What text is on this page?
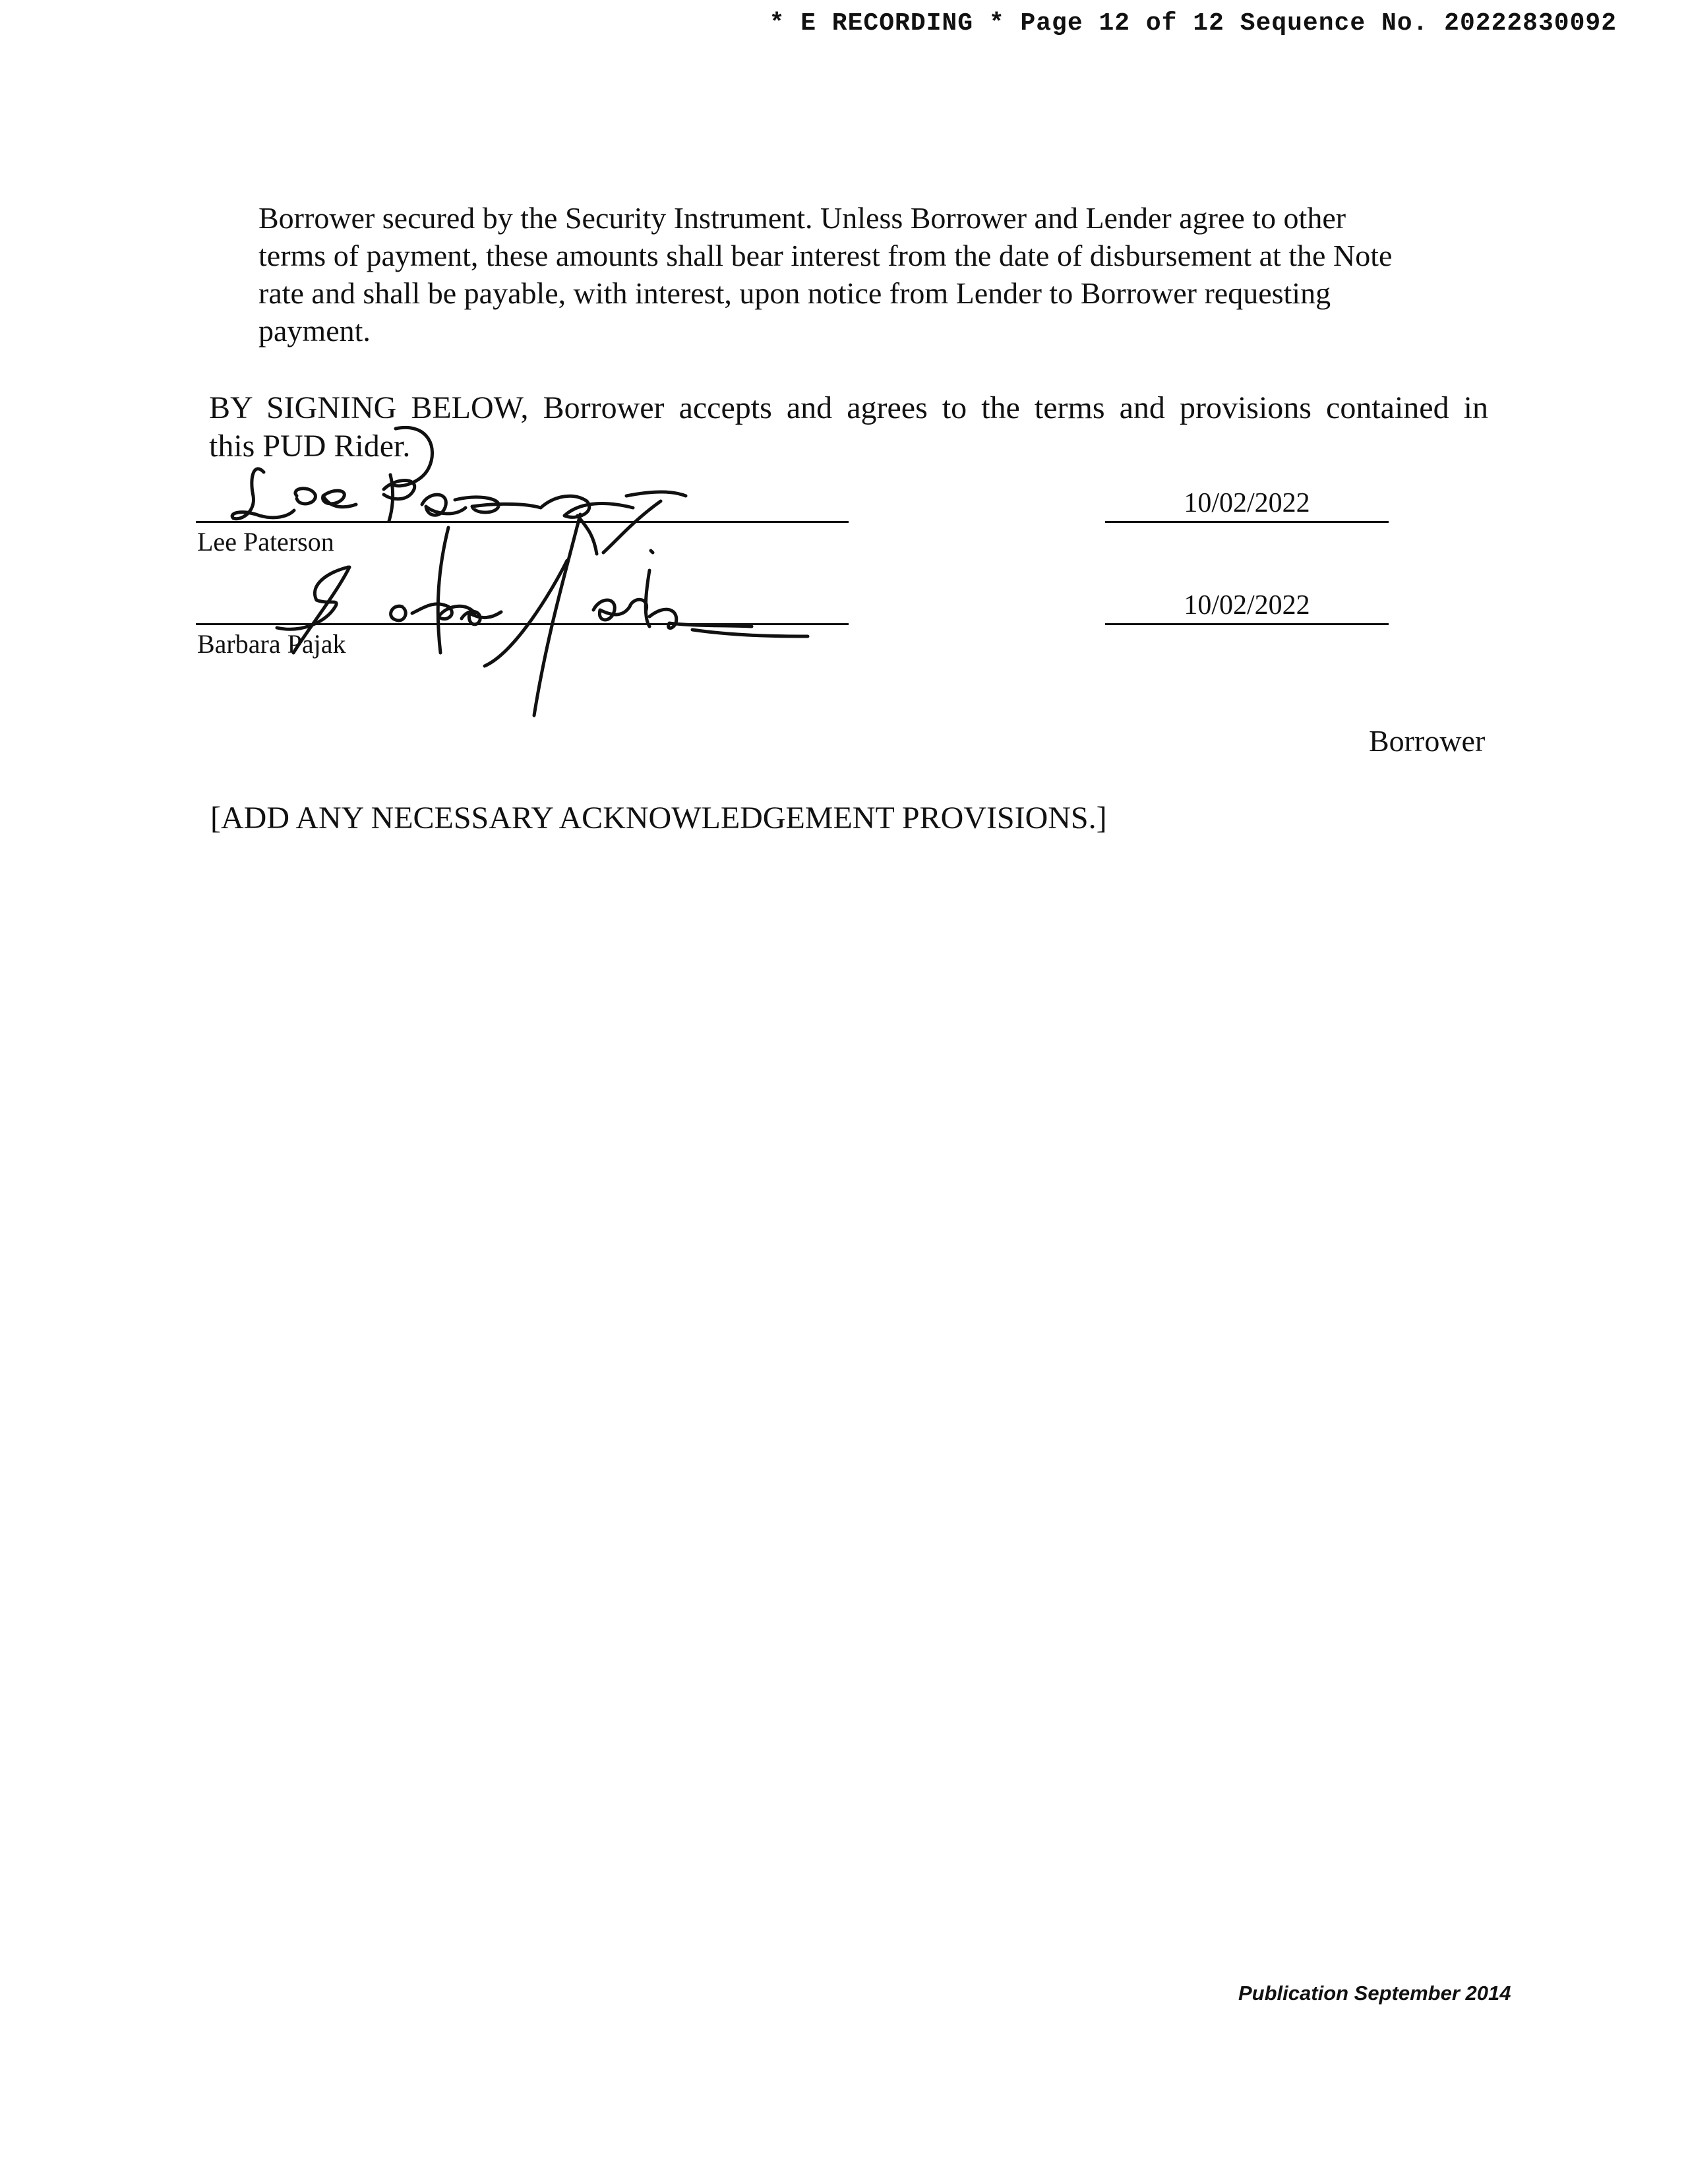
* E RECORDING * Page 12 of 12 Sequence No. 20222830092
Borrower secured by the Security Instrument. Unless Borrower and Lender agree to other
terms of payment, these amounts shall bear interest from the date of disbursement at the Note
rate and shall be payable, with interest, upon notice from Lender to Borrower requesting
payment.
BY SIGNING BELOW, Borrower accepts and agrees to the terms and provisions contained in
this PUD Rider.
Lee Paterson
10/02/2022
Barbara Pajak
10/02/2022
Borrower
[ADD ANY NECESSARY ACKNOWLEDGEMENT PROVISIONS.]
Publication September 2014
